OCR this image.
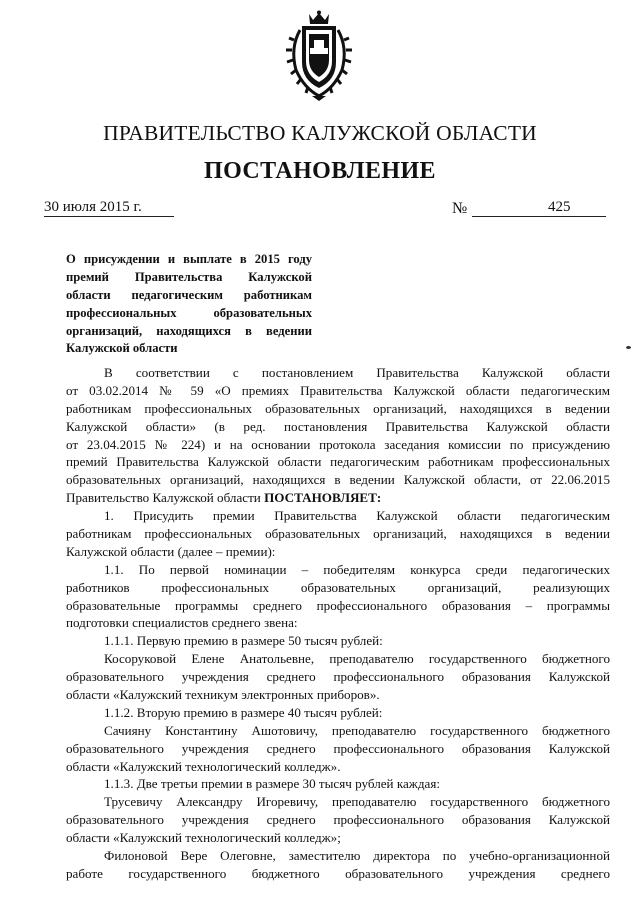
ПРАВИТЕЛЬСТВО КАЛУЖСКОЙ ОБЛАСТИ
ПОСТАНОВЛЕНИЕ
30 июля 2015 г.	№	425
О присуждении и выплате в 2015 году
премий Правительства Калужской
области педагогическим работникам
профессиональных образовательных
организаций, находящихся в ведении
Калужской области
В соответствии с постановлением Правительства Калужской области
от 03.02.2014 № 59 «О премиях Правительства Калужской области педагогическим
работникам профессиональных образовательных организаций, находящихся в ведении
Калужской области» (в ред. постановления Правительства Калужской области
от 23.04.2015 № 224) и на основании протокола заседания комиссии по присуждению
премий Правительства Калужской области педагогическим работникам профессиональных
образовательных организаций, находящихся в ведении Калужской области, от 22.06.2015
Правительство Калужской области ПОСТАНОВЛЯЕТ:
1. Присудить премии Правительства Калужской области педагогическим
работникам профессиональных образовательных организаций, находящихся в ведении
Калужской области (далее – премии):
1.1. По первой номинации – победителям конкурса среди педагогических
работников профессиональных образовательных организаций, реализующих
образовательные программы среднего профессионального образования – программы
подготовки специалистов среднего звена:
1.1.1. Первую премию в размере 50 тысяч рублей:
Косоруковой Елене Анатольевне, преподавателю государственного бюджетного
образовательного учреждения среднего профессионального образования Калужской
области «Калужский техникум электронных приборов».
1.1.2. Вторую премию в размере 40 тысяч рублей:
Сачияну Константину Ашотовичу, преподавателю государственного бюджетного
образовательного учреждения среднего профессионального образования Калужской
области «Калужский технологический колледж».
1.1.3. Две третьи премии в размере 30 тысяч рублей каждая:
Трусевичу Александру Игоревичу, преподавателю государственного бюджетного
образовательного учреждения среднего профессионального образования Калужской
области «Калужский технологический колледж»;
Филоновой Вере Олеговне, заместителю директора по учебно-организационной
работе государственного бюджетного образовательного учреждения среднего
